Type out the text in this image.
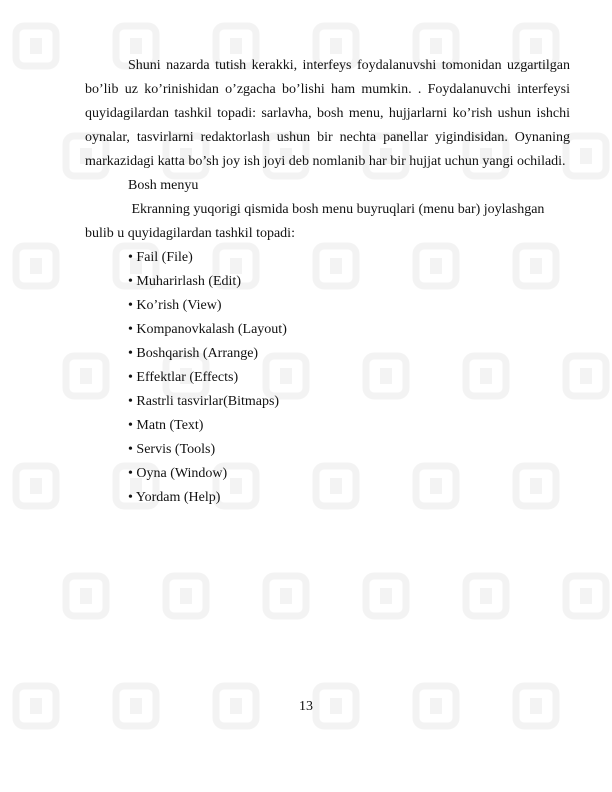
Shuni nazarda tutish kerakki, interfeys foydalanuvshi tomonidan uzgartilgan bo’lib uz ko’rinishidan o’zgacha bo’lishi ham mumkin. . Foydalanuvchi interfeysi quyidagilardan tashkil topadi: sarlavha, bosh menu, hujjarlarni ko’rish ushun ishchi oynalar, tasvirlarni redaktorlash ushun bir nechta panellar yigindisidan. Oynaning markazidagi katta bo’sh joy ish joyi deb nomlanib har bir hujjat uchun yangi ochiladi.

Bosh menyu

Ekranning yuqorigi qismida bosh menu buyruqlari (menu bar) joylashgan

bulib u quyidagilardan tashkil topadi:

• Fail (File)
• Muharirlash (Edit)
• Ko’rish (View)
• Kompanovkalash (Layout)
• Boshqarish (Arrange)
• Effektlar (Effects)
• Rastrli tasvirlar(Bitmaps)
• Matn (Text)
• Servis (Tools)
• Oyna (Window)
• Yordam (Help)
13
